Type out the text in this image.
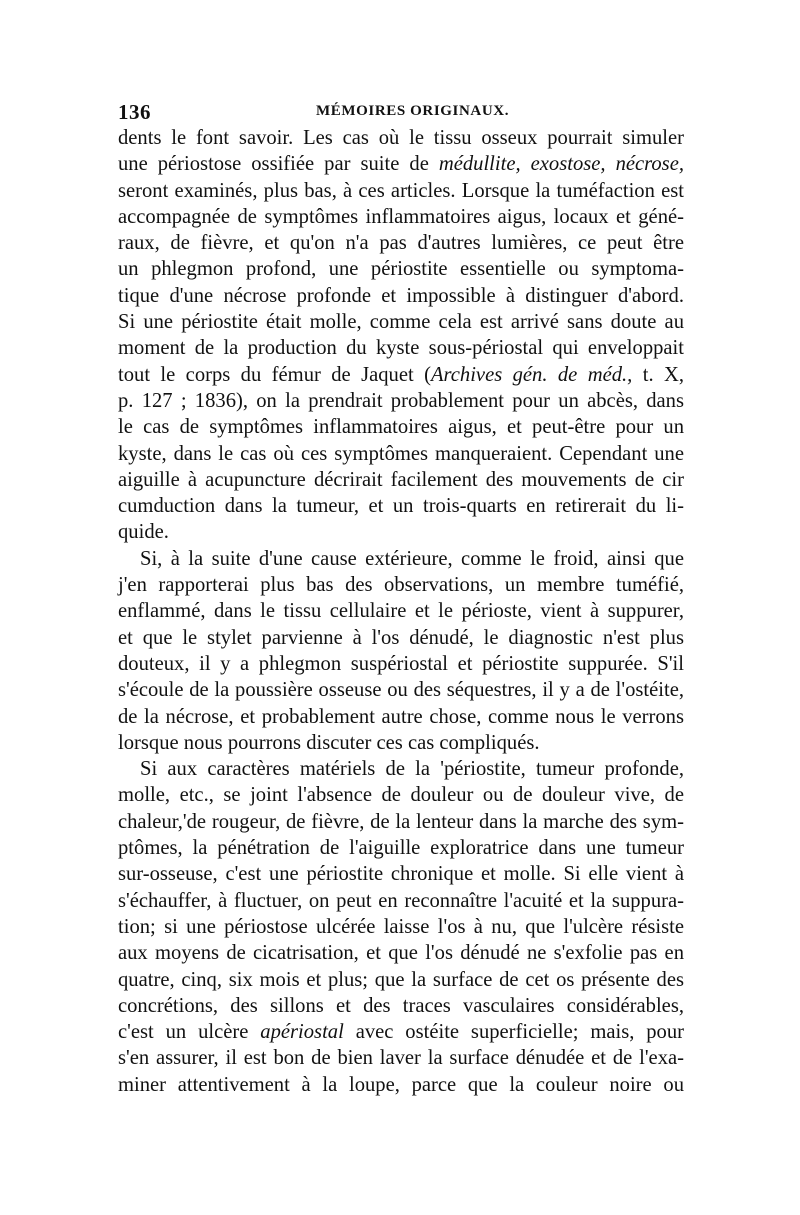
136	MÉMOIRES ORIGINAUX.
dents le font savoir. Les cas où le tissu osseux pourrait simuler
une périostose ossifiée par suite de médullite, exostose, nécrose,
seront examinés, plus bas, à ces articles. Lorsque la tuméfaction est
accompagnée de symptômes inflammatoires aigus, locaux et géné-
raux, de fièvre, et qu'on n'a pas d'autres lumières, ce peut être
un phlegmon profond, une périostite essentielle ou symptoma-
tique d'une nécrose profonde et impossible à distinguer d'abord.
Si une périostite était molle, comme cela est arrivé sans doute au
moment de la production du kyste sous-périostal qui enveloppait
tout le corps du fémur de Jaquet (Archives gén. de méd., t. X,
p. 127 ; 1836), on la prendrait probablement pour un abcès, dans
le cas de symptômes inflammatoires aigus, et peut-être pour un
kyste, dans le cas où ces symptômes manqueraient. Cependant une
aiguille à acupuncture décrirait facilement des mouvements de cir
cumduction dans la tumeur, et un trois-quarts en retirerait du li-
quide.
Si, à la suite d'une cause extérieure, comme le froid, ainsi que
j'en rapporterai plus bas des observations, un membre tuméfié,
enflammé, dans le tissu cellulaire et le périoste, vient à suppurer,
et que le stylet parvienne à l'os dénudé, le diagnostic n'est plus
douteux, il y a phlegmon suspériostal et périostite suppurée. S'il
s'écoule de la poussière osseuse ou des séquestres, il y a de l'ostéite,
de la nécrose, et probablement autre chose, comme nous le verrons
lorsque nous pourrons discuter ces cas compliqués.
Si aux caractères matériels de la 'périostite, tumeur profonde,
molle, etc., se joint l'absence de douleur ou de douleur vive, de
chaleur,'de rougeur, de fièvre, de la lenteur dans la marche des sym-
ptômes, la pénétration de l'aiguille exploratrice dans une tumeur
sur-osseuse, c'est une périostite chronique et molle. Si elle vient à
s'échauffer, à fluctuer, on peut en reconnaître l'acuité et la suppura-
tion; si une périostose ulcérée laisse l'os à nu, que l'ulcère résiste
aux moyens de cicatrisation, et que l'os dénudé ne s'exfolie pas en
quatre, cinq, six mois et plus; que la surface de cet os présente des
concrétions, des sillons et des traces vasculaires considérables,
c'est un ulcère apériostal avec ostéite superficielle; mais, pour
s'en assurer, il est bon de bien laver la surface dénudée et de l'exa-
miner attentivement à la loupe, parce que la couleur noire ou
